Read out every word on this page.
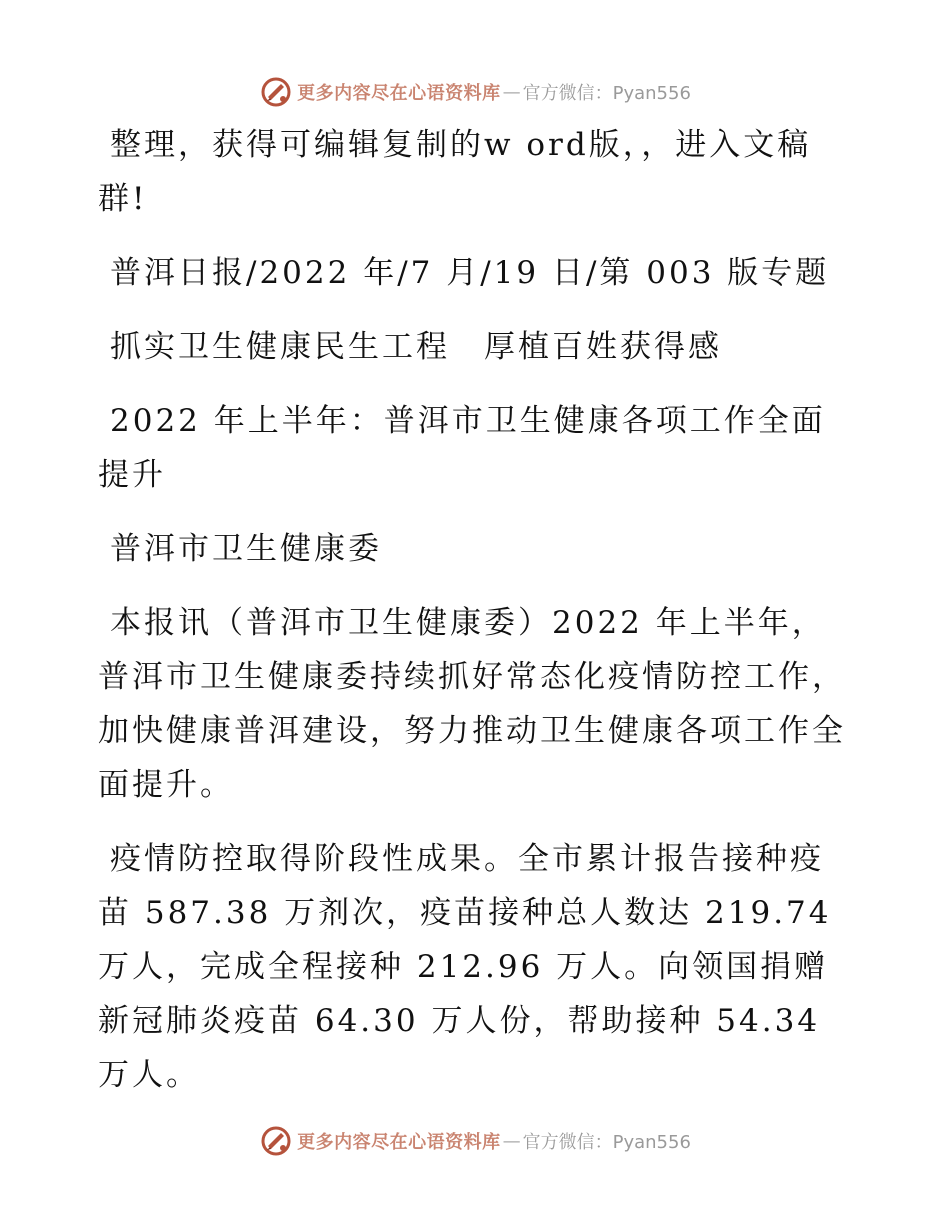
更多内容尽在心语资料库 — 官方微信：Pyan556

整理，获得可编辑复制的w ord版，，进入文稿群!

普洱日报/2022 年/7 月/19 日/第 003 版专题

抓实卫生健康民生工程　厚植百姓获得感

2022 年上半年：普洱市卫生健康各项工作全面提升

普洱市卫生健康委

本报讯（普洱市卫生健康委）2022 年上半年，普洱市卫生健康委持续抓好常态化疫情防控工作，加快健康普洱建设，努力推动卫生健康各项工作全面提升。

疫情防控取得阶段性成果。全市累计报告接种疫苗 587.38 万剂次，疫苗接种总人数达 219.74 万人，完成全程接种 212.96 万人。向领国捐赠新冠肺炎疫苗 64.30 万人份，帮助接种 54.34 万人。

更多内容尽在心语资料库 — 官方微信：Pyan556
